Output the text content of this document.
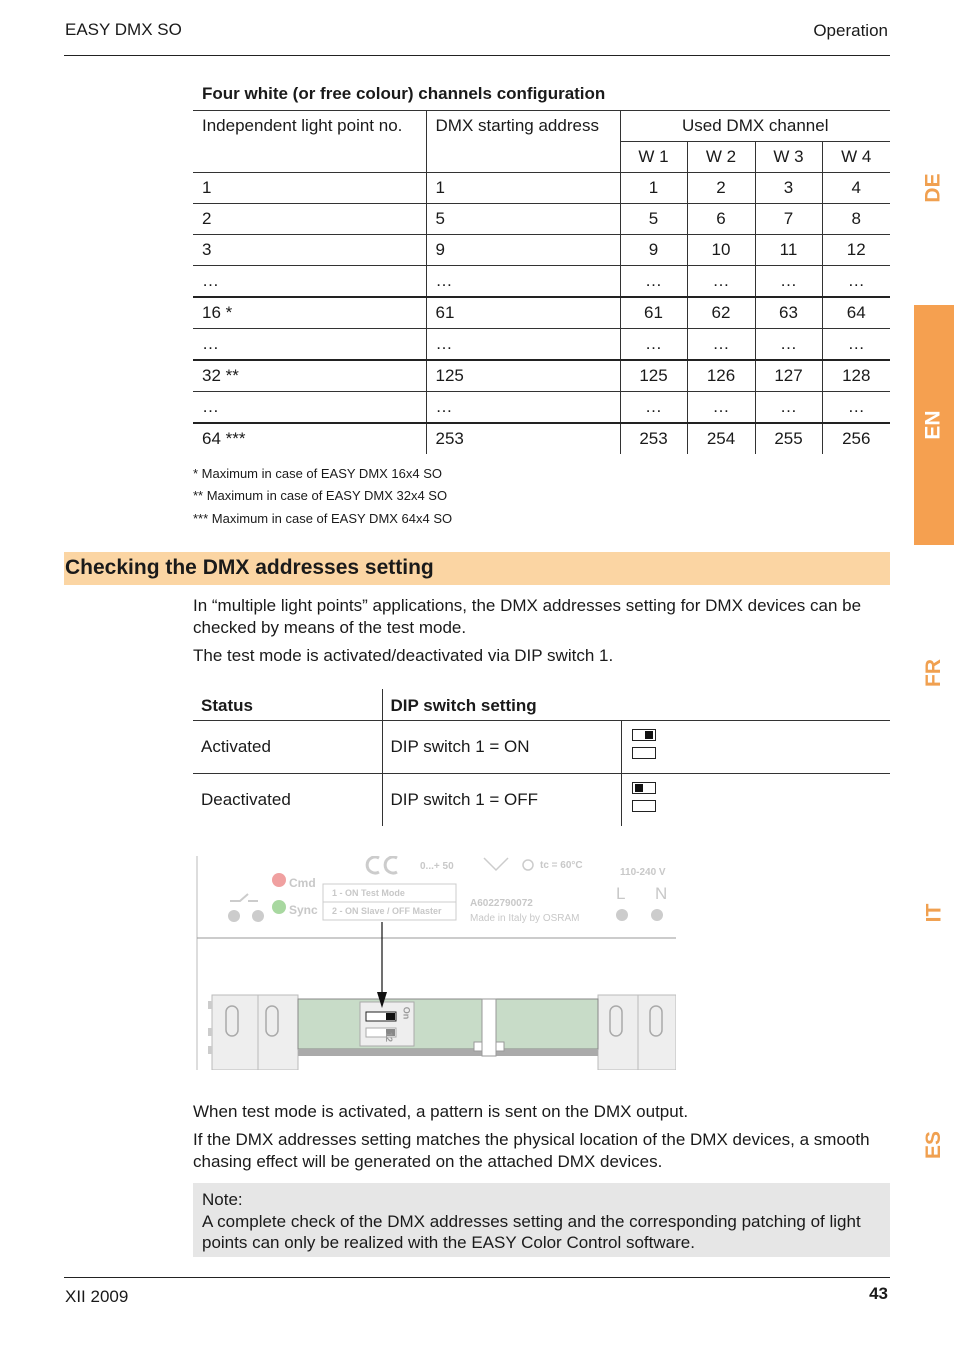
EASY DMX SO	Operation
DE
EN
FR
IT
ES
Four white (or free colour) channels configuration
Independent light point no.	DMX starting address	Used DMX channel			
		W 1	W 2	W 3	W 4
1	1	1	2	3	4
2	5	5	6	7	8
3	9	9	10	11	12
…	…	…	…	…	…
16 *	61	61	62	63	64
…	…	…	…	…	…
32 **	125	125	126	127	128
…	…	…	…	…	…
64 ***	253	253	254	255	256
* Maximum in case of EASY DMX 16x4 SO
** Maximum in case of EASY DMX 32x4 SO
*** Maximum in case of EASY DMX 64x4 SO
Checking the DMX addresses setting
In “multiple light points” applications, the DMX addresses setting for DMX devices can be checked by means of the test mode.
The test mode is activated/deactivated via DIP switch 1.
Status	DIP switch setting	
Activated	DIP switch 1 = ON	

Deactivated	DIP switch 1 = OFF	
Cmd
Sync
1 - ON Test Mode
2 - ON Slave / OFF Master
0...+ 50	tc = 60°C
110-240 V
A6022790072
Made in Italy by OSRAM
L N
On
12
When test mode is activated, a pattern is sent on the DMX output.
If the DMX addresses setting matches the physical location of the DMX devices, a smooth chasing effect will be generated on the attached DMX devices.
Note:
A complete check of the DMX addresses setting and the corresponding patching of light points can only be realized with the EASY Color Control software.
XII 2009	43
